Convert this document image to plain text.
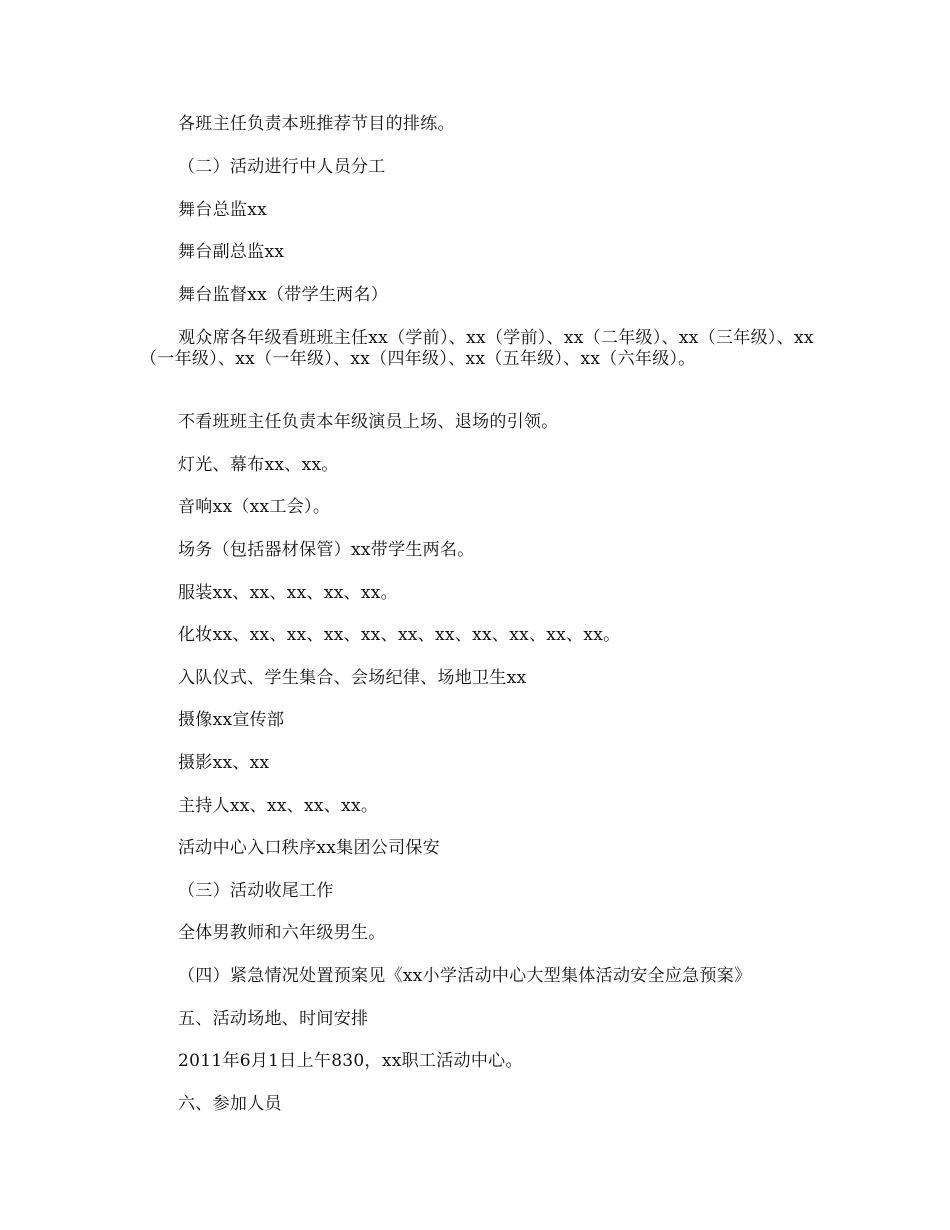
各班主任负责本班推荐节目的排练。

（二）活动进行中人员分工

舞台总监xx

舞台副总监xx

舞台监督xx（带学生两名）

观众席各年级看班班主任xx（学前）、xx（学前）、xx（二年级）、xx（三年级）、xx（一年级）、xx（一年级）、xx（四年级）、xx（五年级）、xx（六年级）。

不看班班主任负责本年级演员上场、退场的引领。

灯光、幕布xx、xx。

音响xx（xx工会）。

场务（包括器材保管）xx带学生两名。

服装xx、xx、xx、xx、xx。

化妆xx、xx、xx、xx、xx、xx、xx、xx、xx、xx、xx。

入队仪式、学生集合、会场纪律、场地卫生xx

摄像xx宣传部

摄影xx、xx

主持人xx、xx、xx、xx。

活动中心入口秩序xx集团公司保安

（三）活动收尾工作

全体男教师和六年级男生。

（四）紧急情况处置预案见《xx小学活动中心大型集体活动安全应急预案》

五、活动场地、时间安排

2011年6月1日上午830，xx职工活动中心。

六、参加人员
